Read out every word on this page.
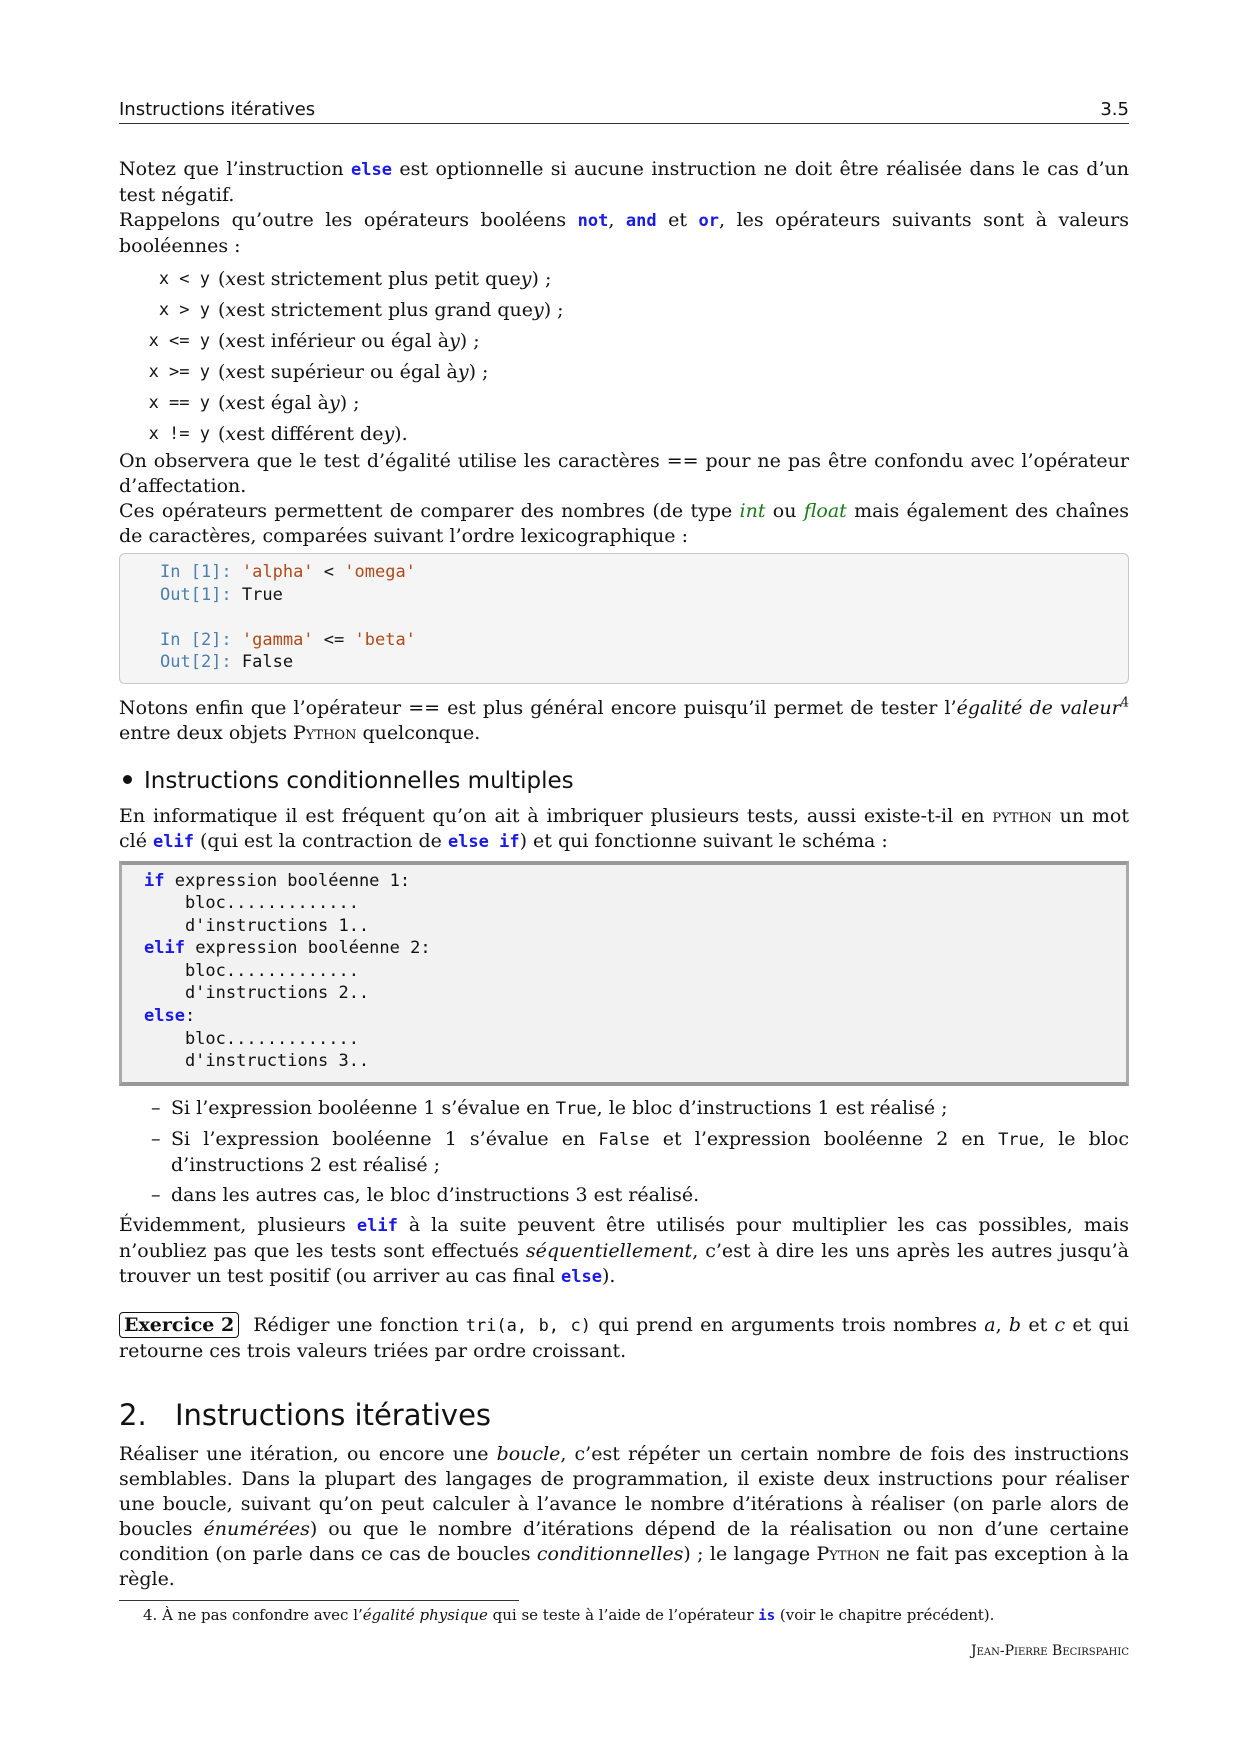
Instructions itératives	3.5

Notez que l’instruction else est optionnelle si aucune instruction ne doit être réalisée dans le cas d’un test négatif.

Rappelons qu’outre les opérateurs booléens not, and et or, les opérateurs suivants sont à valeurs booléennes :

x < y ( x est strictement plus petit que y ) ;
x > y ( x est strictement plus grand que y ) ;
x <= y ( x est inférieur ou égal à y ) ;
x >= y ( x est supérieur ou égal à y ) ;
x == y ( x est égal à y ) ;
x != y ( x est différent de y ).

On observera que le test d’égalité utilise les caractères == pour ne pas être confondu avec l’opérateur d’affectation.

Ces opérateurs permettent de comparer des nombres (de type int ou float mais également des chaînes de caractères, comparées suivant l’ordre lexicographique :

In [1]: 'alpha' < 'omega'
Out[1]: True

In [2]: 'gamma' <= 'beta'
Out[2]: False

Notons enfin que l’opérateur == est plus général encore puisqu’il permet de tester l’égalité de valeur$^4$ entre deux objets Python quelconque.

Instructions conditionnelles multiples

En informatique il est fréquent qu’on ait à imbriquer plusieurs tests, aussi existe-t-il en python un mot clé elif (qui est la contraction de else if) et qui fonctionne suivant le schéma :

if expression booléenne 1:
bloc.............
d'instructions 1..
elif expression booléenne 2:
bloc.............
d'instructions 2..
else:
bloc.............
d'instructions 3..
– Si l’expression booléenne 1 s’évalue en True, le bloc d’instructions 1 est réalisé ;
– Si l’expression booléenne 1 s’évalue en False et l’expression booléenne 2 en True, le bloc d’instructions 2 est réalisé ;
– dans les autres cas, le bloc d’instructions 3 est réalisé.

Évidemment, plusieurs elif à la suite peuvent être utilisés pour multiplier les cas possibles, mais n’oubliez pas que les tests sont effectués séquentiellement, c’est à dire les uns après les autres jusqu’à trouver un test positif (ou arriver au cas final else).

Exercice 2 Rédiger une fonction tri(a, b, c) qui prend en arguments trois nombres a, b et c et qui retourne ces trois valeurs triées par ordre croissant.

2. Instructions itératives

Réaliser une itération, ou encore une boucle, c’est répéter un certain nombre de fois des instructions semblables. Dans la plupart des langages de programmation, il existe deux instructions pour réaliser une boucle, suivant qu’on peut calculer à l’avance le nombre d’itérations à réaliser (on parle alors de boucles énumérées) ou que le nombre d’itérations dépend de la réalisation ou non d’une certaine condition (on parle dans ce cas de boucles conditionnelles) ; le langage Python ne fait pas exception à la règle.

4. À ne pas confondre avec l’égalité physique qui se teste à l’aide de l’opérateur is (voir le chapitre précédent).
Jean-Pierre Becirspahic
